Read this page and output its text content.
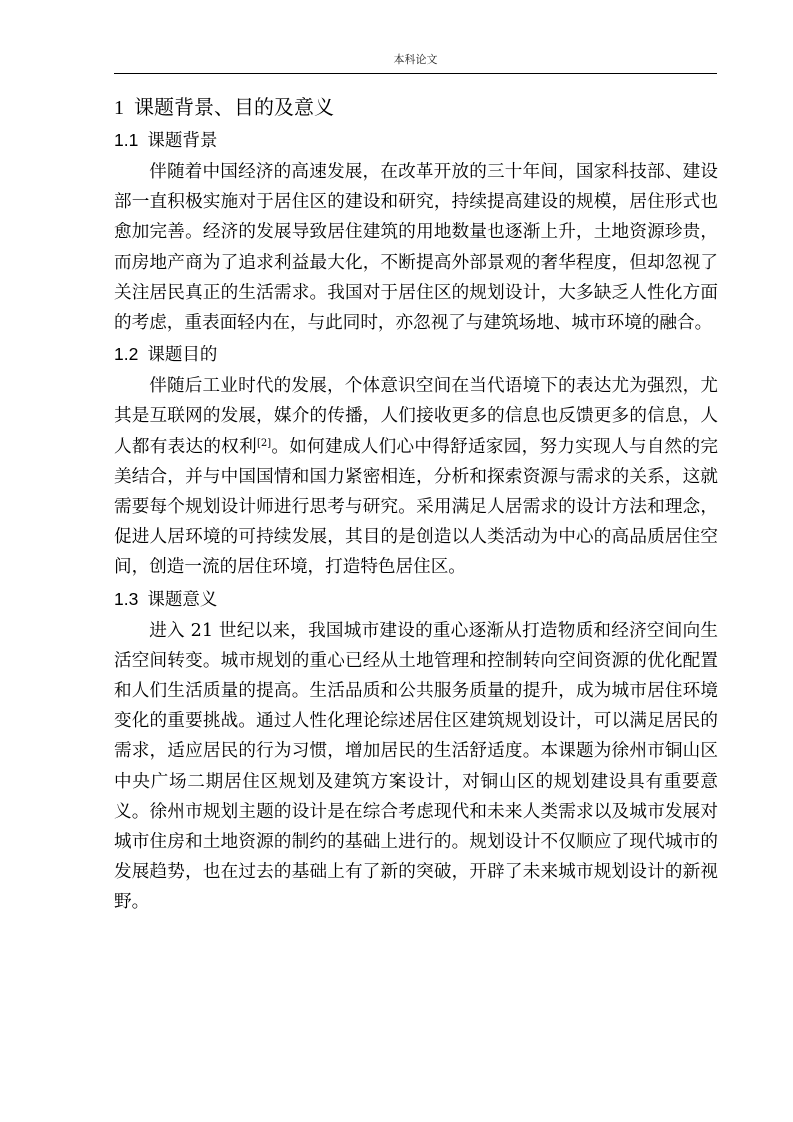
本科论文
1 课题背景、目的及意义
1.1 课题背景

伴随着中国经济的高速发展，在改革开放的三十年间，国家科技部、建设部一直积极实施对于居住区的建设和研究，持续提高建设的规模，居住形式也愈加完善。经济的发展导致居住建筑的用地数量也逐渐上升，土地资源珍贵，而房地产商为了追求利益最大化，不断提高外部景观的奢华程度，但却忽视了关注居民真正的生活需求。我国对于居住区的规划设计，大多缺乏人性化方面的考虑，重表面轻内在，与此同时，亦忽视了与建筑场地、城市环境的融合。

1.2 课题目的

伴随后工业时代的发展，个体意识空间在当代语境下的表达尤为强烈，尤其是互联网的发展，媒介的传播，人们接收更多的信息也反馈更多的信息，人人都有表达的权利[2]。如何建成人们心中得舒适家园，努力实现人与自然的完美结合，并与中国国情和国力紧密相连，分析和探索资源与需求的关系，这就需要每个规划设计师进行思考与研究。采用满足人居需求的设计方法和理念，促进人居环境的可持续发展，其目的是创造以人类活动为中心的高品质居住空间，创造一流的居住环境，打造特色居住区。

1.3 课题意义

进入 21 世纪以来，我国城市建设的重心逐渐从打造物质和经济空间向生活空间转变。城市规划的重心已经从土地管理和控制转向空间资源的优化配置和人们生活质量的提高。生活品质和公共服务质量的提升，成为城市居住环境变化的重要挑战。通过人性化理论综述居住区建筑规划设计，可以满足居民的需求，适应居民的行为习惯，增加居民的生活舒适度。本课题为徐州市铜山区中央广场二期居住区规划及建筑方案设计，对铜山区的规划建设具有重要意义。徐州市规划主题的设计是在综合考虑现代和未来人类需求以及城市发展对城市住房和土地资源的制约的基础上进行的。规划设计不仅顺应了现代城市的发展趋势，也在过去的基础上有了新的突破，开辟了未来城市规划设计的新视野。
